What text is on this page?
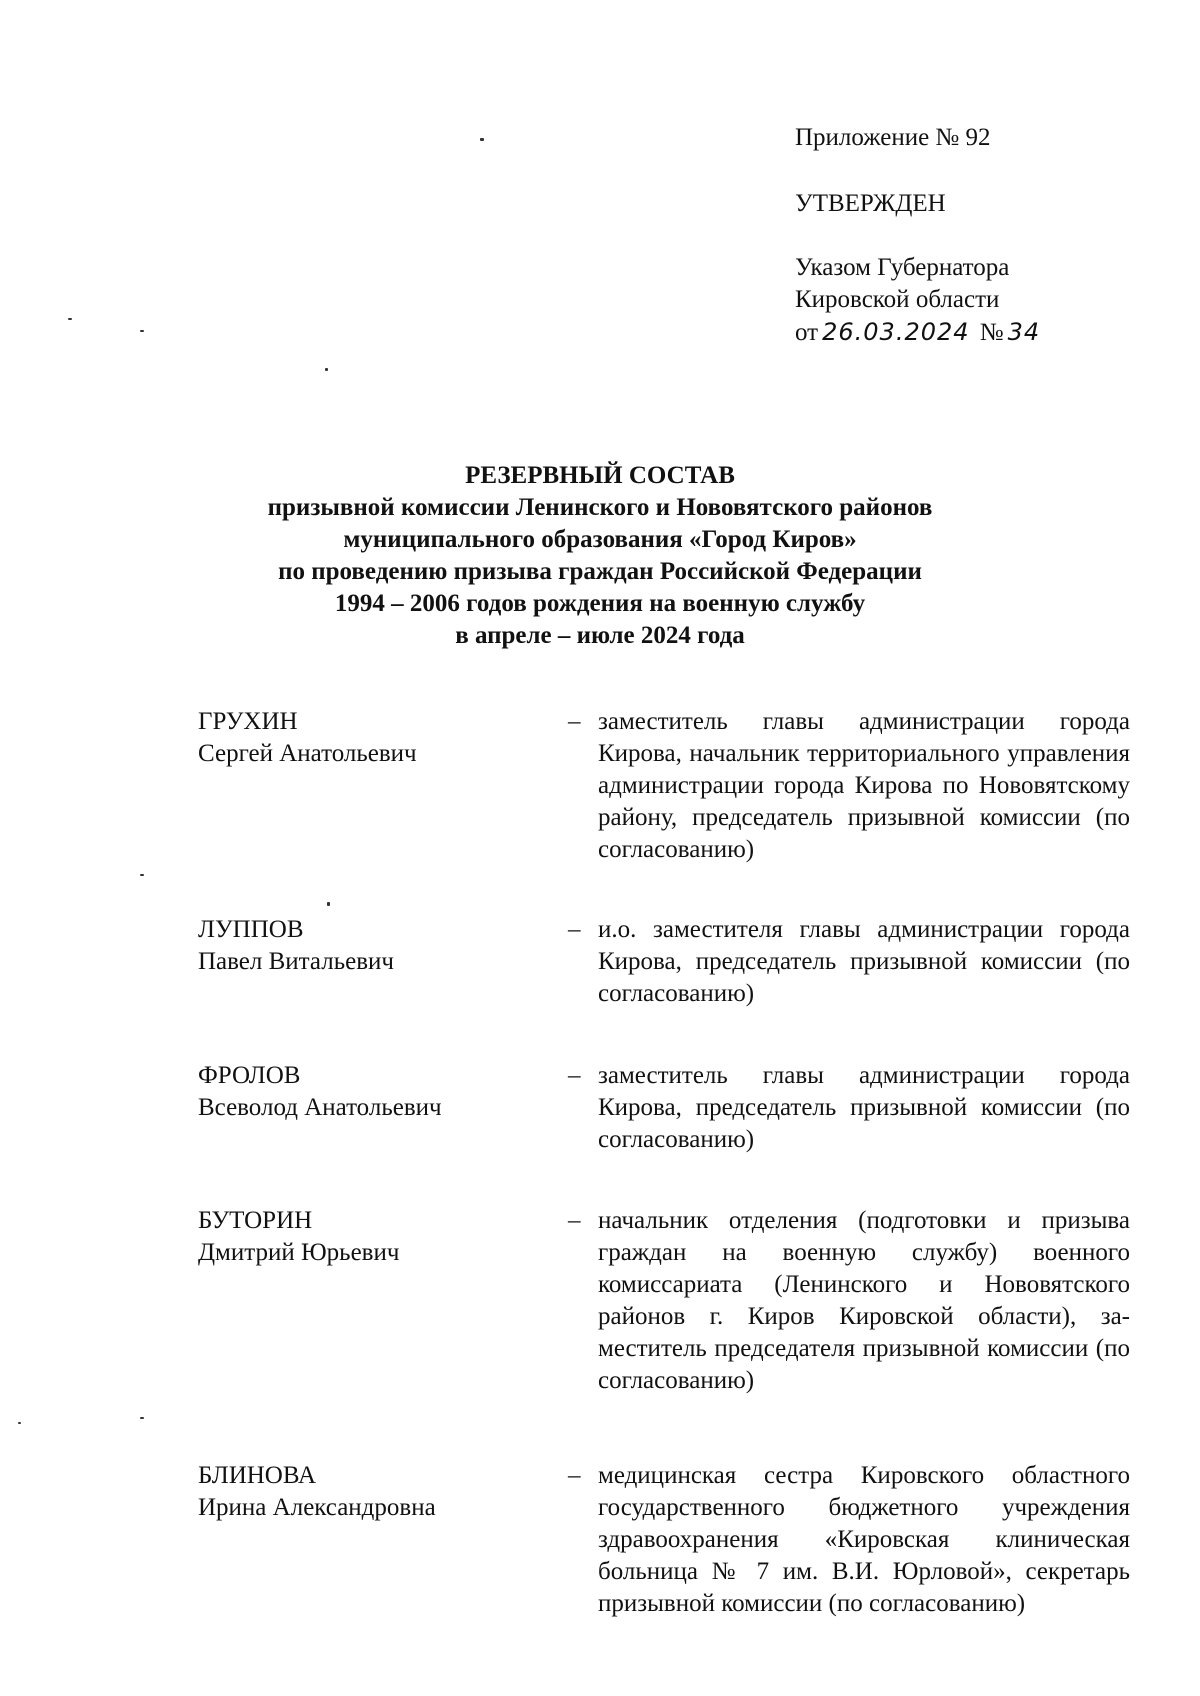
Приложение № 92
УТВЕРЖДЕН
Указом Губернатора
Кировской области
от 26.03.2024 № 34
РЕЗЕРВНЫЙ СОСТАВ
призывной комиссии Ленинского и Нововятского районов
муниципального образования «Город Киров»
по проведению призыва граждан Российской Федерации
1994 – 2006 годов рождения на военную службу
в апреле – июле 2024 года
ГРУХИН
Сергей Анатольевич
– заместитель главы администрации города Кирова, начальник территориального управления администрации города Кирова по Нововятскому району, председатель призывной комиссии (по согласованию)
ЛУППОВ
Павел Витальевич
– и.о. заместителя главы администрации города Кирова, председатель призывной комиссии (по согласованию)
ФРОЛОВ
Всеволод Анатольевич
– заместитель главы администрации города Кирова, председатель призывной комиссии (по согласованию)
БУТОРИН
Дмитрий Юрьевич
– начальник отделения (подготовки и призыва граждан на военную службу) военного комиссариата (Ленинского и Нововятского районов г. Киров Кировской области), заместитель председателя призывной комиссии (по согласованию)
БЛИНОВА
Ирина Александровна
– медицинская сестра Кировского областного государственного бюджетного учреждения здравоохранения «Кировская клиническая больница № 7 им. В.И. Юрловой», секретарь призывной комиссии (по согласованию)
